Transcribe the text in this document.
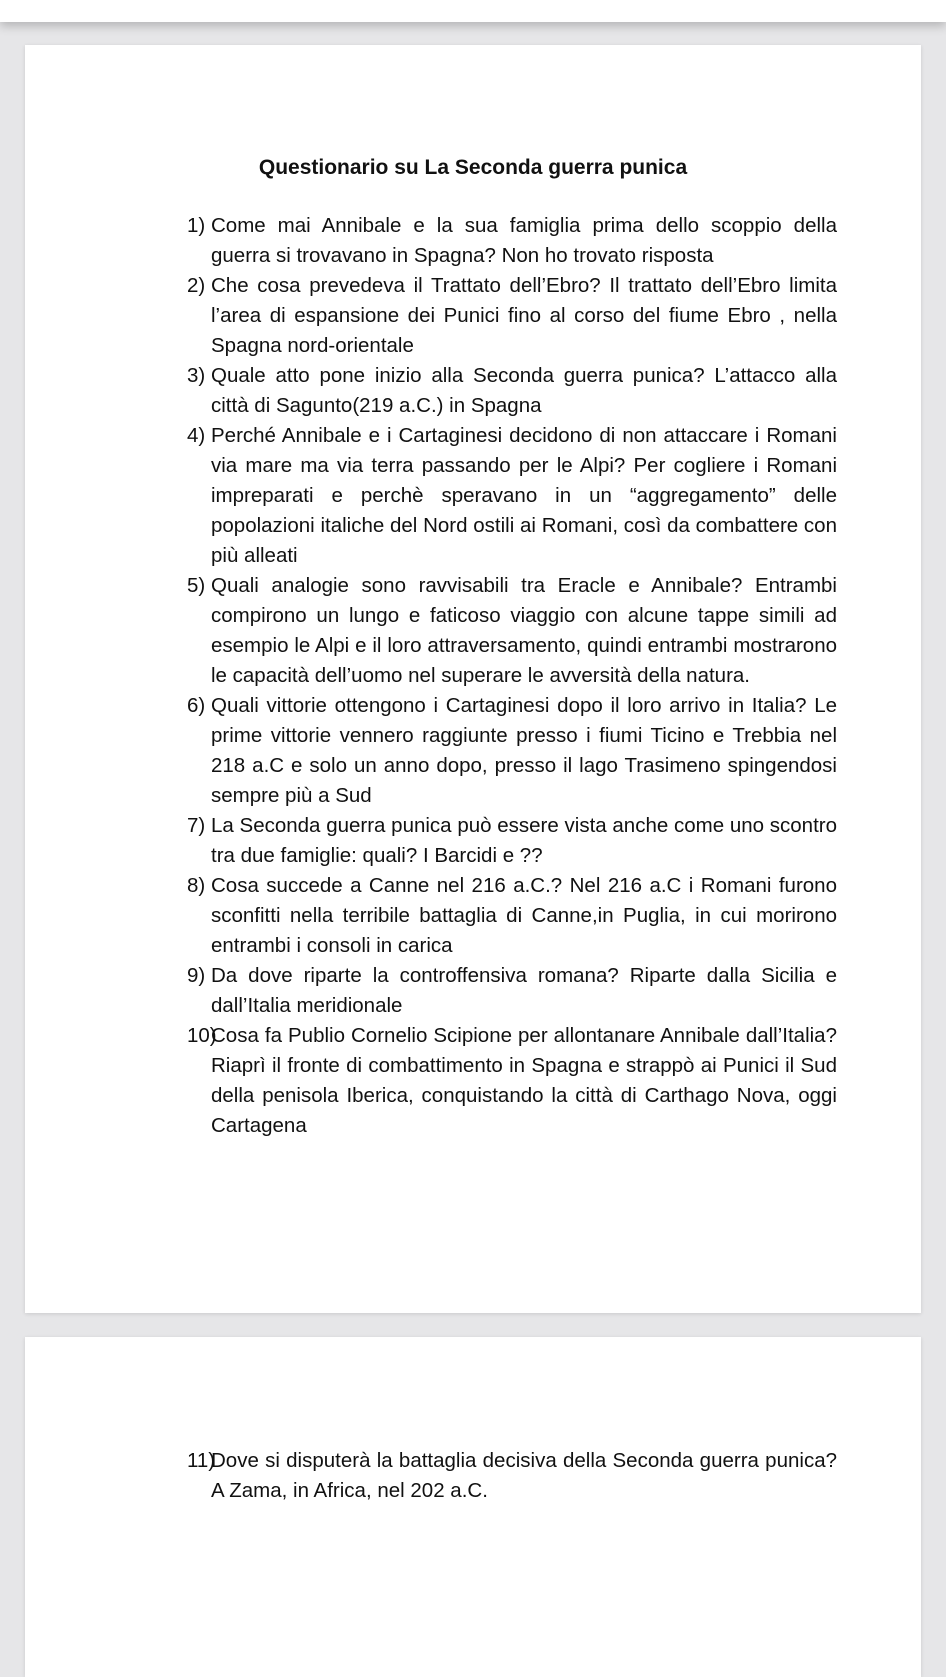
Questionario su La Seconda guerra punica
1) Come mai Annibale e la sua famiglia prima dello scoppio della guerra si trovavano in Spagna? Non ho trovato risposta
2) Che cosa prevedeva il Trattato dell’Ebro? Il trattato dell’Ebro limita l’area di espansione dei Punici fino al corso del fiume Ebro , nella Spagna nord-orientale
3) Quale atto pone inizio alla Seconda guerra punica? L’attacco alla città di Sagunto(219 a.C.) in Spagna
4) Perché Annibale e i Cartaginesi decidono di non attaccare i Romani via mare ma via terra passando per le Alpi? Per cogliere i Romani impreparati e perchè speravano in un “aggregamento” delle popolazioni italiche del Nord ostili ai Romani, così da combattere con più alleati
5) Quali analogie sono ravvisabili tra Eracle e Annibale? Entrambi compirono un lungo e faticoso viaggio con alcune tappe simili ad esempio le Alpi e il loro attraversamento, quindi entrambi mostrarono le capacità dell’uomo nel superare le avversità della natura.
6) Quali vittorie ottengono i Cartaginesi dopo il loro arrivo in Italia? Le prime vittorie vennero raggiunte presso i fiumi Ticino e Trebbia nel 218 a.C e solo un anno dopo, presso il lago Trasimeno spingendosi sempre più a Sud
7) La Seconda guerra punica può essere vista anche come uno scontro tra due famiglie: quali? I Barcidi e ??
8) Cosa succede a Canne nel 216 a.C.? Nel 216 a.C i Romani furono sconfitti nella terribile battaglia di Canne,in Puglia, in cui morirono entrambi i consoli in carica
9) Da dove riparte la controffensiva romana? Riparte dalla Sicilia e dall’Italia meridionale
10)
Cosa fa Publio Cornelio Scipione per allontanare Annibale dall’Italia? Riaprì il fronte di combattimento in Spagna e strappò ai Punici il Sud della penisola Iberica, conquistando la città di Carthago Nova, oggi Cartagena
11)
Dove si disputerà la battaglia decisiva della Seconda guerra punica? A Zama, in Africa, nel 202 a.C.
